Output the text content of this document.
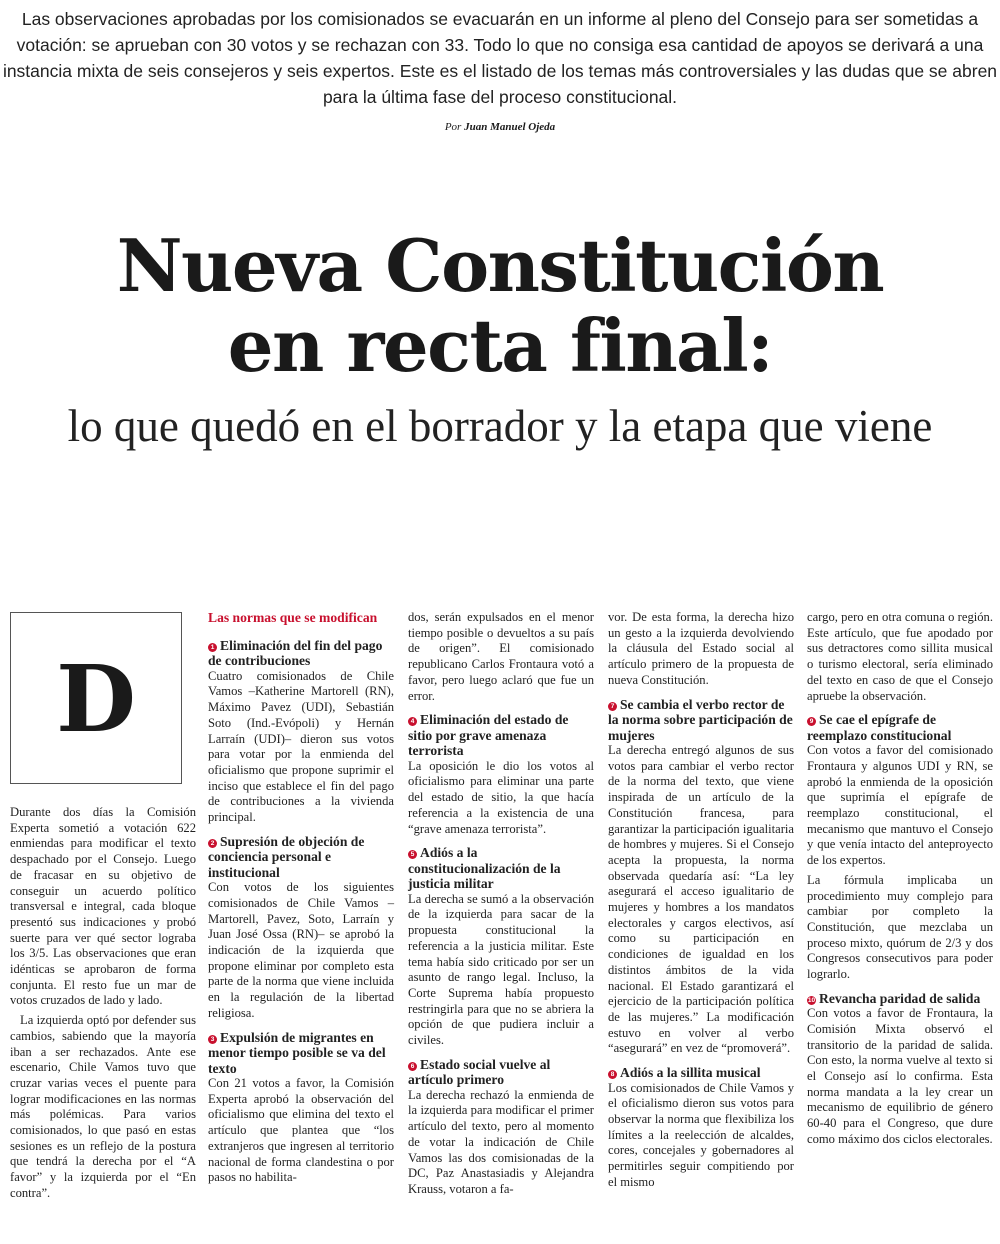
Las observaciones aprobadas por los comisionados se evacuarán en un informe al pleno del Consejo para ser sometidas a votación: se aprueban con 30 votos y se rechazan con 33. Todo lo que no consiga esa cantidad de apoyos se derivará a una instancia mixta de seis consejeros y seis expertos. Este es el listado de los temas más controversiales y las dudas que se abren para la última fase del proceso constitucional.
Por Juan Manuel Ojeda
Nueva Constitución
en recta final:
lo que quedó en el borrador y la etapa que viene
D

Durante dos días la Comisión Experta sometió a votación 622 enmiendas para modificar el texto despachado por el Consejo. Luego de fracasar en su objetivo de conseguir un acuerdo político transversal e integral, cada bloque presentó sus indicaciones y probó suerte para ver qué sector lograba los 3/5. Las observaciones que eran idénticas se aprobaron de forma conjunta. El resto fue un mar de votos cruzados de lado y lado.

La izquierda optó por defender sus cambios, sabiendo que la mayoría iban a ser rechazados. Ante ese escenario, Chile Vamos tuvo que cruzar varias veces el puente para lograr modificaciones en las normas más polémicas. Para varios comisionados, lo que pasó en estas sesiones es un reflejo de la postura que tendrá la derecha por el “A favor” y la izquierda por el “En contra”.

Las normas que se modifican
1 Eliminación del fin del pago de contribuciones

Cuatro comisionados de Chile Vamos –Katherine Martorell (RN), Máximo Pavez (UDI), Sebastián Soto (Ind.-Evópoli) y Hernán Larraín (UDI)– dieron sus votos para votar por la enmienda del oficialismo que propone suprimir el inciso que establece el fin del pago de contribuciones a la vivienda principal.

2 Supresión de objeción de conciencia personal e institucional

Con votos de los siguientes comisionados de Chile Vamos –Martorell, Pavez, Soto, Larraín y Juan José Ossa (RN)– se aprobó la indicación de la izquierda que propone eliminar por completo esta parte de la norma que viene incluida en la regulación de la libertad religiosa.

3 Expulsión de migrantes en menor tiempo posible se va del texto

Con 21 votos a favor, la Comisión Experta aprobó la observación del oficialismo que elimina del texto el artículo que plantea que “los extranjeros que ingresen al territorio nacional de forma clandestina o por pasos no habilita-

dos, serán expulsados en el menor tiempo posible o devueltos a su país de origen”. El comisionado republicano Carlos Frontaura votó a favor, pero luego aclaró que fue un error.

4 Eliminación del estado de sitio por grave amenaza terrorista

La oposición le dio los votos al oficialismo para eliminar una parte del estado de sitio, la que hacía referencia a la existencia de una “grave amenaza terrorista”.

5 Adiós a la constitucionalización de la justicia militar

La derecha se sumó a la observación de la izquierda para sacar de la propuesta constitucional la referencia a la justicia militar. Este tema había sido criticado por ser un asunto de rango legal. Incluso, la Corte Suprema había propuesto restringirla para que no se abriera la opción de que pudiera incluir a civiles.

6 Estado social vuelve al artículo primero

La derecha rechazó la enmienda de la izquierda para modificar el primer artículo del texto, pero al momento de votar la indicación de Chile Vamos las dos comisionadas de la DC, Paz Anastasiadis y Alejandra Krauss, votaron a fa-

vor. De esta forma, la derecha hizo un gesto a la izquierda devolviendo la cláusula del Estado social al artículo primero de la propuesta de nueva Constitución.

7 Se cambia el verbo rector de la norma sobre participación de mujeres

La derecha entregó algunos de sus votos para cambiar el verbo rector de la norma del texto, que viene inspirada de un artículo de la Constitución francesa, para garantizar la participación igualitaria de hombres y mujeres. Si el Consejo acepta la propuesta, la norma observada quedaría así: “La ley asegurará el acceso igualitario de mujeres y hombres a los mandatos electorales y cargos electivos, así como su participación en condiciones de igualdad en los distintos ámbitos de la vida nacional. El Estado garantizará el ejercicio de la participación política de las mujeres.” La modificación estuvo en volver al verbo “asegurará” en vez de “promoverá”.

8 Adiós a la sillita musical

Los comisionados de Chile Vamos y el oficialismo dieron sus votos para observar la norma que flexibiliza los límites a la reelección de alcaldes, cores, concejales y gobernadores al permitirles seguir compitiendo por el mismo

cargo, pero en otra comuna o región. Este artículo, que fue apodado por sus detractores como sillita musical o turismo electoral, sería eliminado del texto en caso de que el Consejo apruebe la observación.

9 Se cae el epígrafe de reemplazo constitucional

Con votos a favor del comisionado Frontaura y algunos UDI y RN, se aprobó la enmienda de la oposición que suprimía el epígrafe de reemplazo constitucional, el mecanismo que mantuvo el Consejo y que venía intacto del anteproyecto de los expertos.

La fórmula implicaba un procedimiento muy complejo para cambiar por completo la Constitución, que mezclaba un proceso mixto, quórum de 2/3 y dos Congresos consecutivos para poder lograrlo.

10 Revancha paridad de salida

Con votos a favor de Frontaura, la Comisión Mixta observó el transitorio de la paridad de salida. Con esto, la norma vuelve al texto si el Consejo así lo confirma. Esta norma mandata a la ley crear un mecanismo de equilibrio de género 60-40 para el Congreso, que dure como máximo dos ciclos electorales.
